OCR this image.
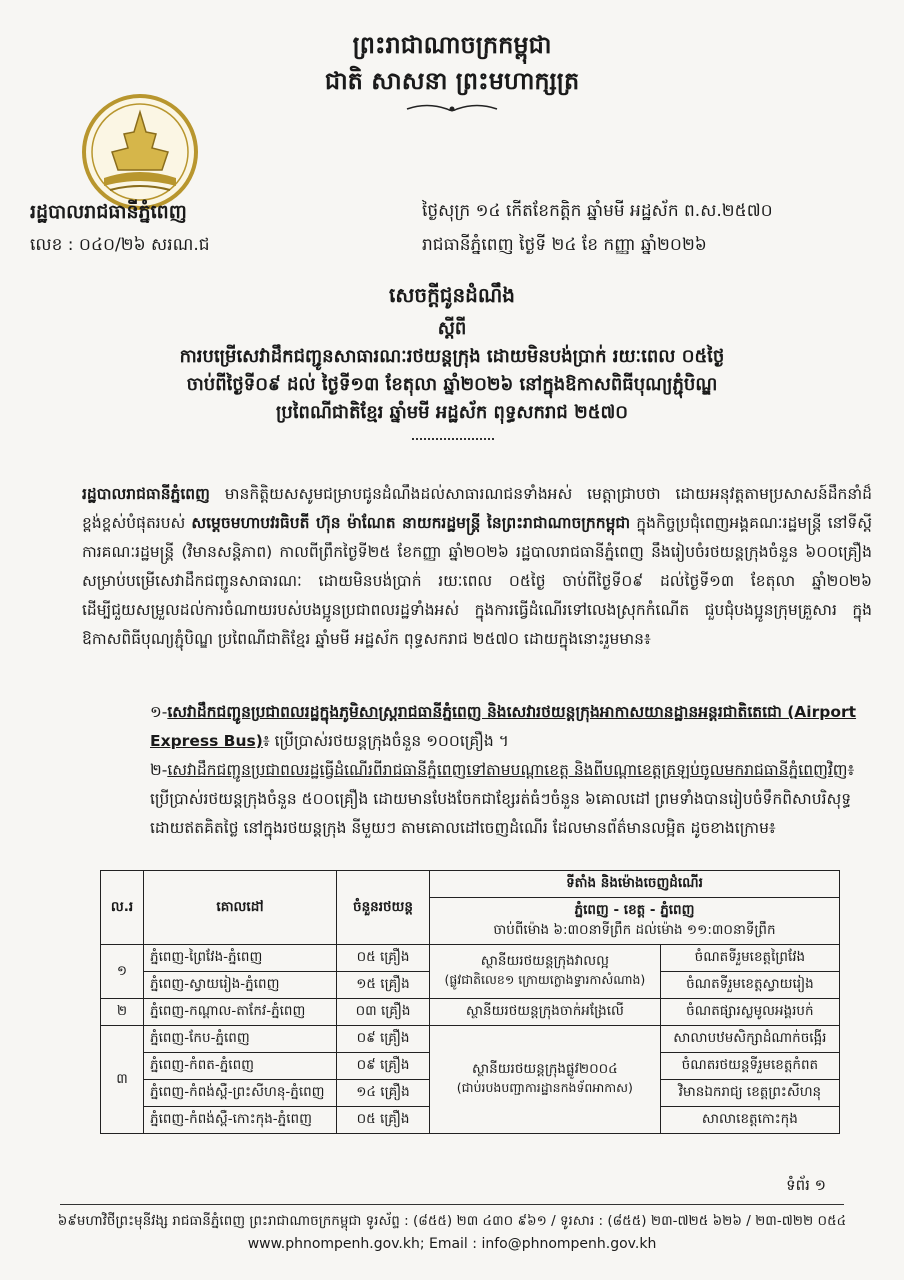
ព្រះរាជាណាចក្រកម្ពុជា
ជាតិ សាសនា ព្រះមហាក្សត្រ
រដ្ឋបាលរាជធានីភ្នំពេញ
លេខ : ០៤០/២៦ សរណ.ជ
ថ្ងៃសុក្រ ១៤ កើតខែកត្តិក ឆ្នាំមមី អដ្ឋស័ក ព.ស.២៥៧០
រាជធានីភ្នំពេញ ថ្ងៃទី ២៤ ខែ កញ្ញា ឆ្នាំ២០២៦
សេចក្តីជូនដំណឹង
ស្តីពី
ការបម្រើសេវាដឹកជញ្ជូនសាធារណៈរថយន្តក្រុង ដោយមិនបង់ប្រាក់ រយៈពេល ០៥ថ្ងៃ
ចាប់ពីថ្ងៃទី០៩ ដល់ ថ្ងៃទី១៣ ខែតុលា ឆ្នាំ២០២៦ នៅក្នុងឱកាសពិធីបុណ្យភ្ជុំបិណ្ឌ
ប្រពៃណីជាតិខ្មែរ ឆ្នាំមមី អដ្ឋស័ក ពុទ្ធសករាជ ២៥៧០
រដ្ឋបាលរាជធានីភ្នំពេញ មានកិត្តិយសសូមជម្រាបជូនដំណឹងដល់សាធារណជនទាំងអស់ មេត្តាជ្រាបថា ដោយអនុវត្តតាមប្រសាសន៍ដឹកនាំដ៏ខ្ពង់ខ្ពស់បំផុតរបស់ សម្តេចមហាបវរធិបតី ហ៊ុន ម៉ាណែត នាយករដ្ឋមន្ត្រី នៃព្រះរាជាណាចក្រកម្ពុជា ក្នុងកិច្ចប្រជុំពេញអង្គគណៈរដ្ឋមន្ត្រី នៅទីស្តីការគណៈរដ្ឋមន្ត្រី (វិមានសន្តិភាព) កាលពីព្រឹកថ្ងៃទី២៥ ខែកញ្ញា ឆ្នាំ២០២៦ រដ្ឋបាលរាជធានីភ្នំពេញ នឹងរៀបចំរថយន្តក្រុងចំនួន ៦០០គ្រឿង សម្រាប់បម្រើសេវាដឹកជញ្ជូនសាធារណៈ ដោយមិនបង់ប្រាក់ រយៈពេល ០៥ថ្ងៃ ចាប់ពីថ្ងៃទី០៩ ដល់ថ្ងៃទី១៣ ខែតុលា ឆ្នាំ២០២៦ ដើម្បីជួយសម្រួលដល់ការចំណាយរបស់បងប្អូនប្រជាពលរដ្ឋទាំងអស់ ក្នុងការធ្វើដំណើរទៅលេងស្រុកកំណើត ជួបជុំបងប្អូនក្រុមគ្រួសារ ក្នុងឱកាសពិធីបុណ្យភ្ជុំបិណ្ឌ ប្រពៃណីជាតិខ្មែរ ឆ្នាំមមី អដ្ឋស័ក ពុទ្ធសករាជ ២៥៧០ ដោយក្នុងនោះរួមមាន៖
១-សេវាដឹកជញ្ជូនប្រជាពលរដ្ឋក្នុងភូមិសាស្ត្ររាជធានីភ្នំពេញ និងសេវារថយន្តក្រុងអាកាសយានដ្ឋានអន្តរជាតិតេជោ (Airport Express Bus)៖ ប្រើប្រាស់រថយន្តក្រុងចំនួន ១០០គ្រឿង ។
២-សេវាដឹកជញ្ជូនប្រជាពលរដ្ឋធ្វើដំណើរពីរាជធានីភ្នំពេញទៅតាមបណ្តាខេត្ត និងពីបណ្តាខេត្តត្រឡប់ចូលមករាជធានីភ្នំពេញវិញ៖ ប្រើប្រាស់រថយន្តក្រុងចំនួន ៥០០គ្រឿង ដោយមានបែងចែកជាខ្សែរត់ធំៗចំនួន ៦គោលដៅ ព្រមទាំងបានរៀបចំទឹកពិសាបរិសុទ្ធដោយឥតគិតថ្លៃ នៅក្នុងរថយន្តក្រុង នីមួយៗ តាមគោលដៅចេញដំណើរ ដែលមានព័ត៌មានលម្អិត ដូចខាងក្រោម៖
ល.រ	គោលដៅ	ចំនួនរថយន្ត	ទីតាំង និងម៉ោងចេញដំណើរ	

			ភ្នំពេញ - ខេត្ត - ភ្នំពេញ
ចាប់ពីម៉ោង ៦:៣០នាទីព្រឹក ដល់ម៉ោង ១១:៣០នាទីព្រឹក	

១	ភ្នំពេញ-ព្រៃវែង-ភ្នំពេញ	០៥ គ្រឿង	ស្ថានីយរថយន្តក្រុងវាលល្អ
(ផ្លូវជាតិលេខ១ ក្រោយក្លោងទ្វារកាសំណាង)	ចំណតទីរួមខេត្តព្រៃវែង
	ភ្នំពេញ-ស្វាយរៀង-ភ្នំពេញ	១៥ គ្រឿង		ចំណតទីរួមខេត្តស្វាយរៀង
២	ភ្នំពេញ-កណ្តាល-តាកែវ-ភ្នំពេញ	០៣ គ្រឿង	ស្ថានីយរថយន្តក្រុងចាក់អង្រែលើ	ចំណតផ្សារស្លមូលអង្គរបក់
៣	ភ្នំពេញ-កែប-ភ្នំពេញ	០៩ គ្រឿង	ស្ថានីយរថយន្តក្រុងផ្លូវ២០០៤
(ជាប់របងបញ្ជាការដ្ឋានកងទ័ពអាកាស)	សាលាបឋមសិក្សាដំណាក់ចង្អើរ
	ភ្នំពេញ-កំពត-ភ្នំពេញ	០៩ គ្រឿង		ចំណតរថយន្តទីរួមខេត្តកំពត
	ភ្នំពេញ-កំពង់ស្ពឺ-ព្រះសីហនុ-ភ្នំពេញ	១៤ គ្រឿង		វិមានឯករាជ្យ ខេត្តព្រះសីហនុ
	ភ្នំពេញ-កំពង់ស្ពឺ-កោះកុង-ភ្នំពេញ	០៥ គ្រឿង		សាលាខេត្តកោះកុង
ទំព័រ ១
៦៩មហាវិថីព្រះមុនីវង្ស រាជធានីភ្នំពេញ ព្រះរាជាណាចក្រកម្ពុជា ទូរស័ព្ទ : (៨៥៥) ២៣ ៤៣០ ៩៦១ / ទូរសារ : (៨៥៥) ២៣-៧២៥ ៦២៦ / ២៣-៧២២ ០៥៤
www.phnompenh.gov.kh; Email : info@phnompenh.gov.kh
